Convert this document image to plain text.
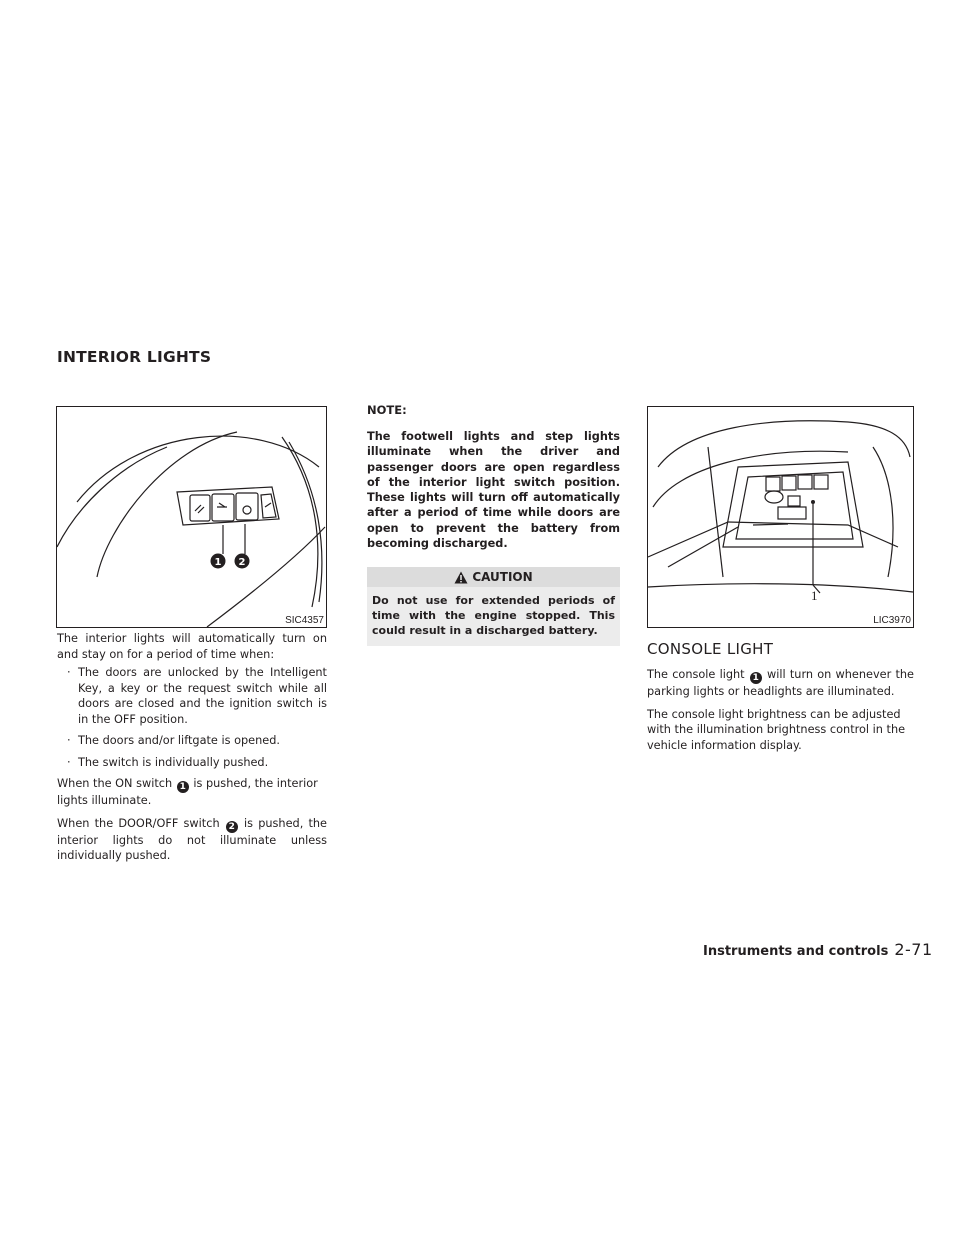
INTERIOR LIGHTS
1 2
SIC4357

The interior lights will automatically turn on and stay on for a period of time when:

· The doors are unlocked by the Intelligent Key, a key or the request switch while all doors are closed and the ignition switch is in the OFF position.

· The doors and/or liftgate is opened.

· The switch is individually pushed.

When the ON switch 1 is pushed, the interior lights illuminate.

When the DOOR/OFF switch 2 is pushed, the interior lights do not illuminate unless individually pushed.

NOTE:
The footwell lights and step lights illuminate when the driver and passenger doors are open regardless of the interior light switch position. These lights will turn off automatically after a period of time while doors are open to prevent the battery from becoming discharged.
CAUTION
Do not use for extended periods of time with the engine stopped. This could result in a discharged battery.
1
LIC3970
CONSOLE LIGHT

The console light 1 will turn on whenever the parking lights or headlights are illuminated.

The console light brightness can be adjusted with the illumination brightness control in the vehicle information display.

Instruments and controls 2-71
